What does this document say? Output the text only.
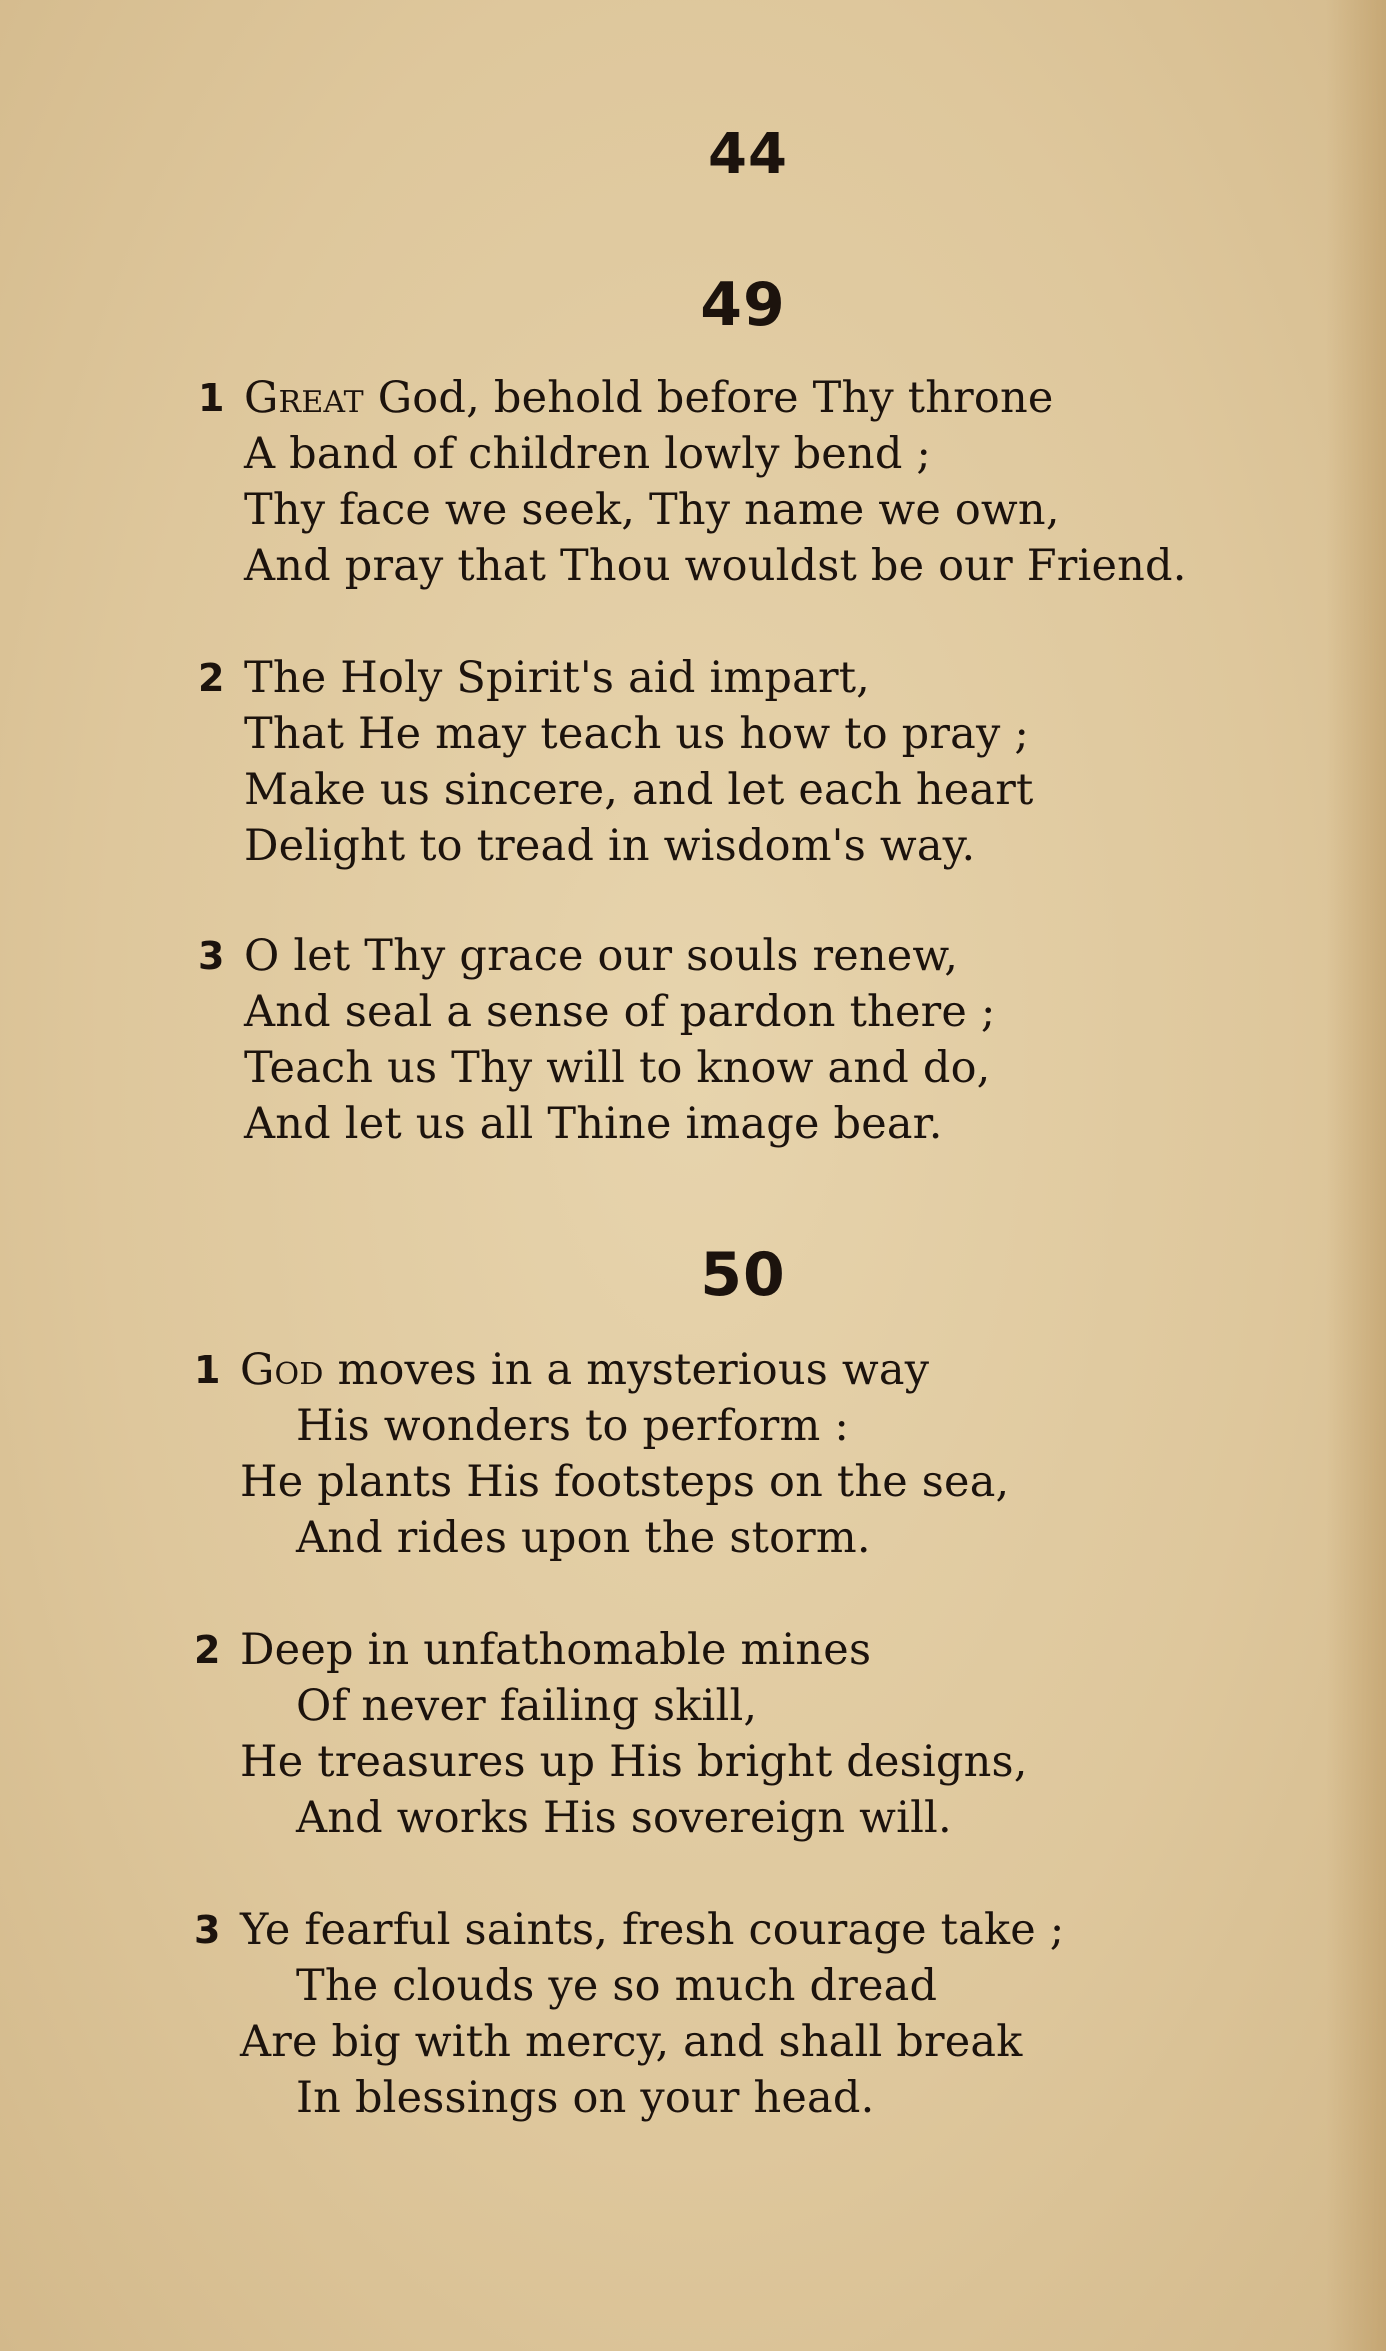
44
49
1 Great God, behold before Thy throne
A band of children lowly bend ;
Thy face we seek, Thy name we own,
And pray that Thou wouldst be our Friend.
2 The Holy Spirit's aid impart,
That He may teach us how to pray ;
Make us sincere, and let each heart
Delight to tread in wisdom's way.
3 O let Thy grace our souls renew,
And seal a sense of pardon there ;
Teach us Thy will to know and do,
And let us all Thine image bear.
50
1 God moves in a mysterious way
His wonders to perform :
He plants His footsteps on the sea,
And rides upon the storm.
2 Deep in unfathomable mines
Of never failing skill,
He treasures up His bright designs,
And works His sovereign will.
3 Ye fearful saints, fresh courage take ;
The clouds ye so much dread
Are big with mercy, and shall break
In blessings on your head.
